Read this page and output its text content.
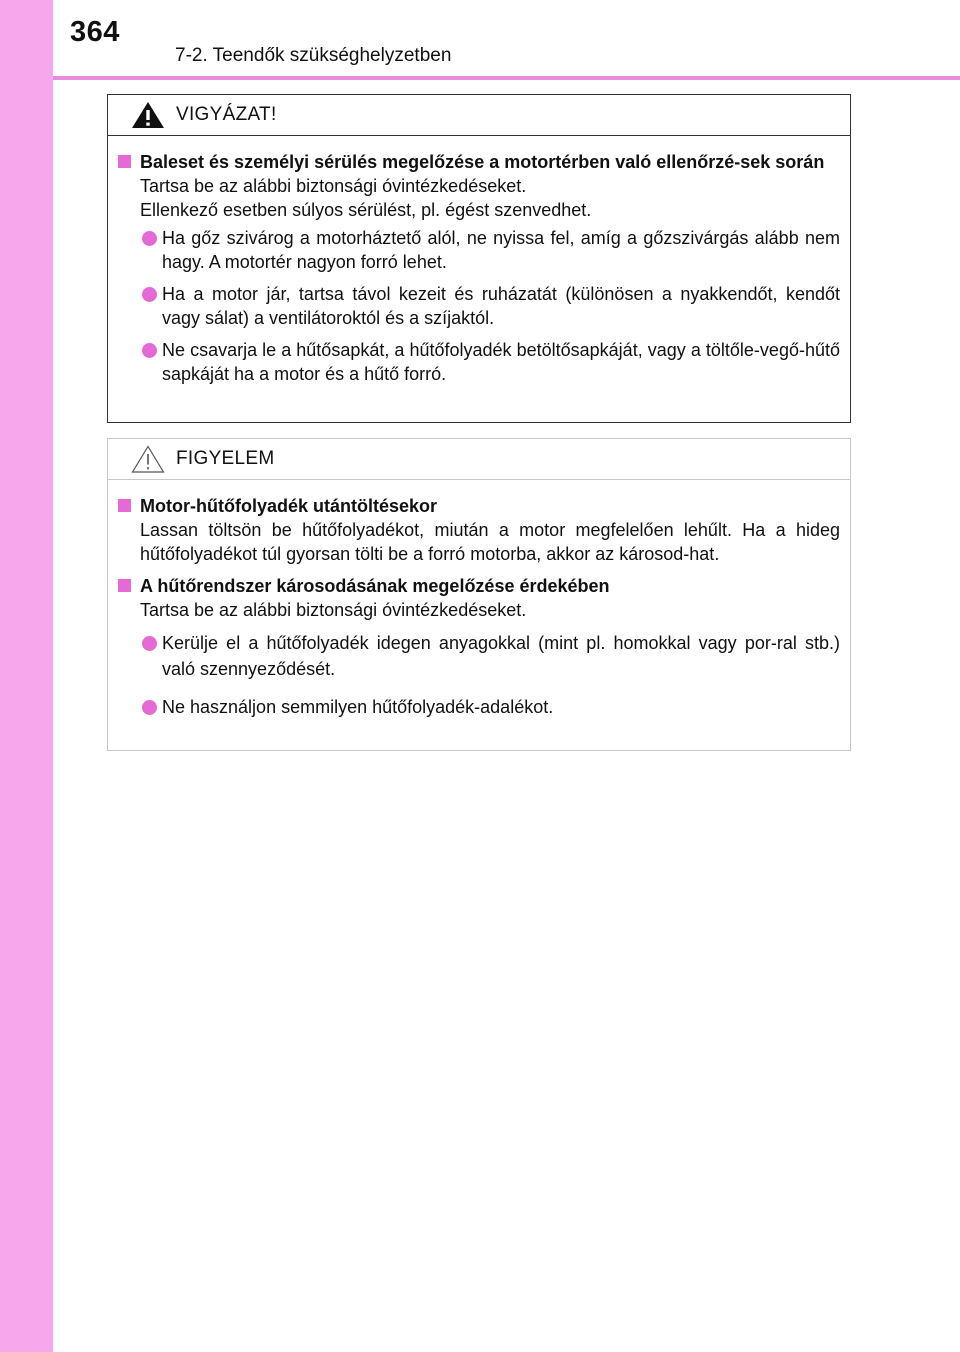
364
7-2. Teendők szükséghelyzetben
VIGYÁZAT!
Baleset és személyi sérülés megelőzése a motortérben való ellenőrzé-sek során
Tartsa be az alábbi biztonsági óvintézkedéseket.
Ellenkező esetben súlyos sérülést, pl. égést szenvedhet.
Ha gőz szivárog a motorháztető alól, ne nyissa fel, amíg a gőzszivárgás alább nem hagy. A motortér nagyon forró lehet.
Ha a motor jár, tartsa távol kezeit és ruházatát (különösen a nyakkendőt, kendőt vagy sálat) a ventilátoroktól és a szíjaktól.
Ne csavarja le a hűtősapkát, a hűtőfolyadék betöltősapkáját, vagy a töltőle-vegő-hűtő sapkáját ha a motor és a hűtő forró.
FIGYELEM
Motor-hűtőfolyadék utántöltésekor
Lassan töltsön be hűtőfolyadékot, miután a motor megfelelően lehűlt. Ha a hideg hűtőfolyadékot túl gyorsan tölti be a forró motorba, akkor az károsod-hat.
A hűtőrendszer károsodásának megelőzése érdekében
Tartsa be az alábbi biztonsági óvintézkedéseket.
Kerülje el a hűtőfolyadék idegen anyagokkal (mint pl. homokkal vagy por-ral stb.) való szennyeződését.
Ne használjon semmilyen hűtőfolyadék-adalékot.
